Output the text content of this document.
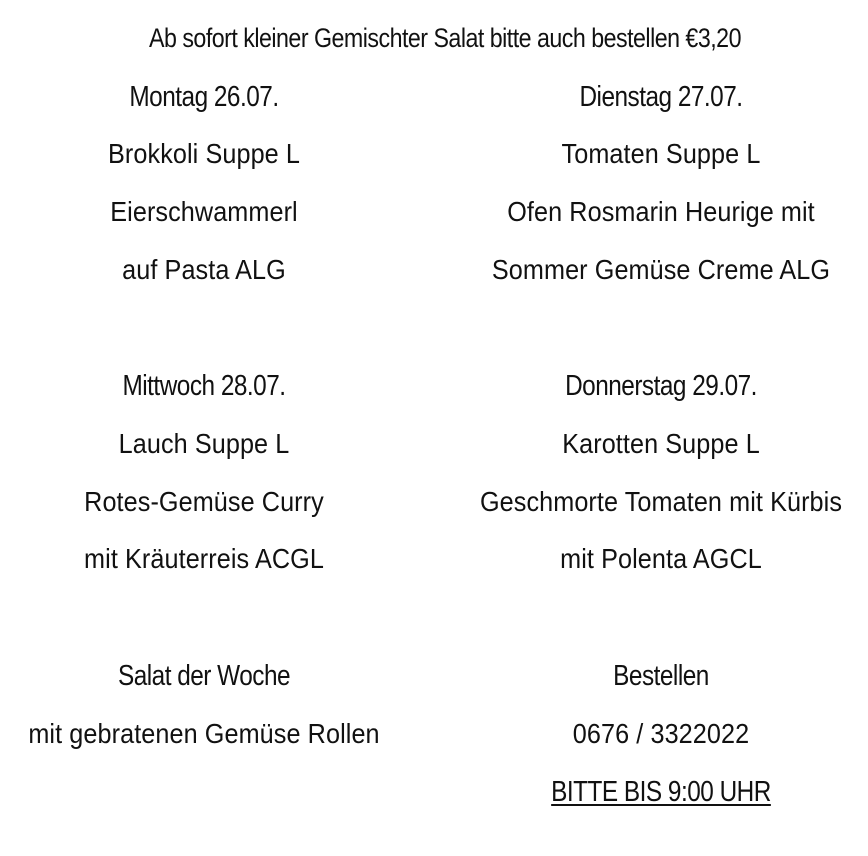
Ab sofort kleiner Gemischter Salat bitte auch bestellen €3,20
Montag 26.07.
Brokkoli Suppe L
Eierschwammerl
auf Pasta ALG
Dienstag 27.07.
Tomaten Suppe L
Ofen Rosmarin Heurige mit
Sommer Gemüse Creme ALG
Mittwoch 28.07.
Lauch Suppe L
Rotes-Gemüse Curry
mit Kräuterreis ACGL
Donnerstag 29.07.
Karotten Suppe L
Geschmorte Tomaten mit Kürbis
mit Polenta AGCL
Salat der Woche
mit gebratenen Gemüse Rollen
Bestellen
0676 / 3322022
BITTE BIS 9:00 UHR
